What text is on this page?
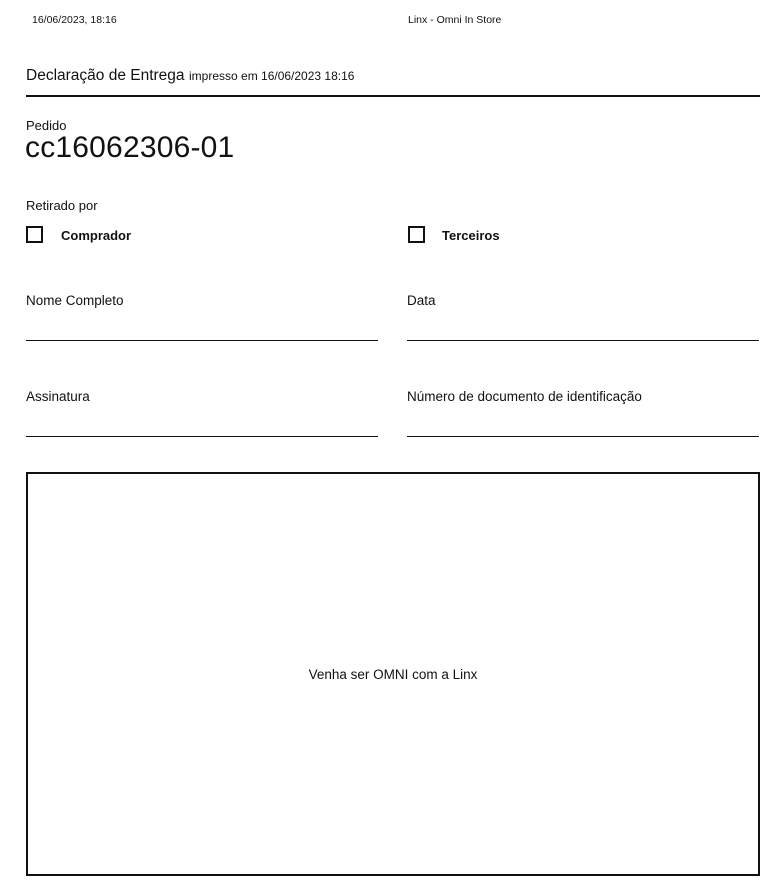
16/06/2023, 18:16	Linx - Omni In Store
Declaração de Entrega impresso em 16/06/2023 18:16
Pedido
cc16062306-01
Retirado por
Comprador	Terceiros
Nome Completo	Data
Assinatura	Número de documento de identificação
Venha ser OMNI com a Linx
